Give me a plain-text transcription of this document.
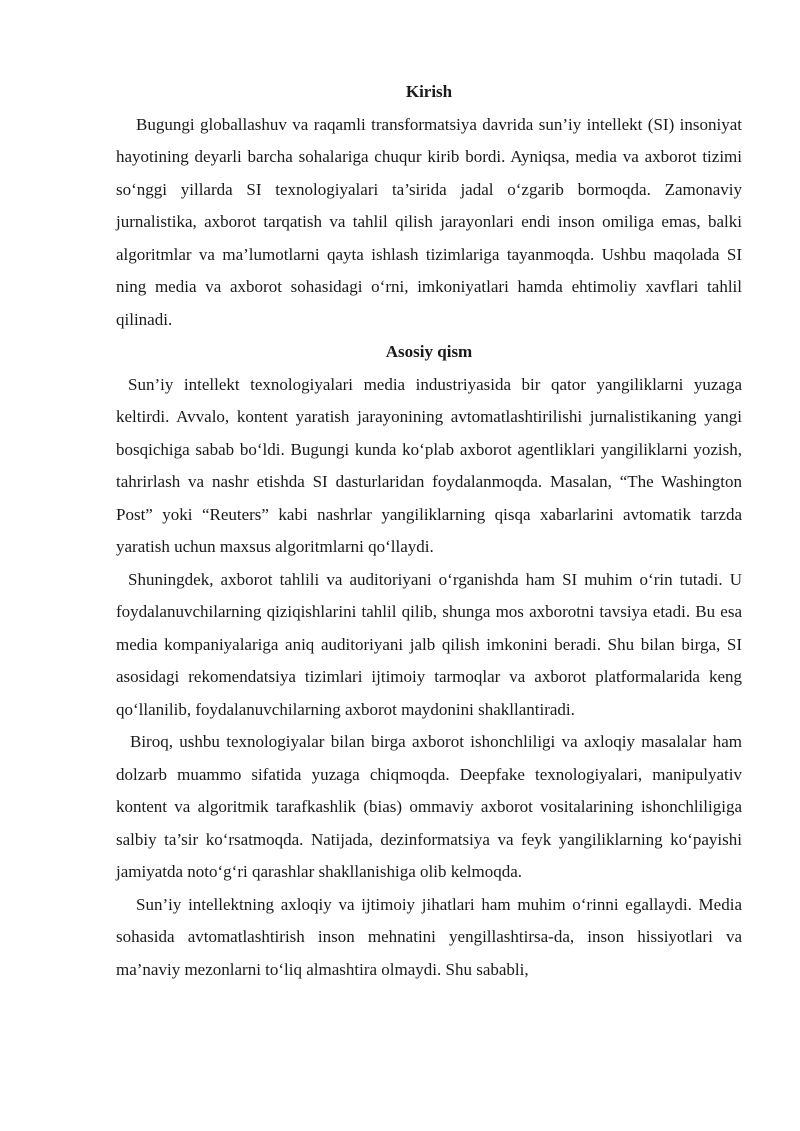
Kirish

Bugungi globallashuv va raqamli transformatsiya davrida sun’iy intellekt (SI) insoniyat hayotining deyarli barcha sohalariga chuqur kirib bordi. Ayniqsa, media va axborot tizimi so‘nggi yillarda SI texnologiyalari ta’sirida jadal o‘zgarib bormoqda. Zamonaviy jurnalistika, axborot tarqatish va tahlil qilish jarayonlari endi inson omiliga emas, balki algoritmlar va ma’lumotlarni qayta ishlash tizimlariga tayanmoqda. Ushbu maqolada SI ning media va axborot sohasidagi o‘rni, imkoniyatlari hamda ehtimoliy xavflari tahlil qilinadi.

Asosiy qism

Sun’iy intellekt texnologiyalari media industriyasida bir qator yangiliklarni yuzaga keltirdi. Avvalo, kontent yaratish jarayonining avtomatlashtirilishi jurnalistikaning yangi bosqichiga sabab bo‘ldi. Bugungi kunda ko‘plab axborot agentliklari yangiliklarni yozish, tahrirlash va nashr etishda SI dasturlaridan foydalanmoqda. Masalan, “The Washington Post” yoki “Reuters” kabi nashrlar yangiliklarning qisqa xabarlarini avtomatik tarzda yaratish uchun maxsus algoritmlarni qo‘llaydi.

Shuningdek, axborot tahlili va auditoriyani o‘rganishda ham SI muhim o‘rin tutadi. U foydalanuvchilarning qiziqishlarini tahlil qilib, shunga mos axborotni tavsiya etadi. Bu esa media kompaniyalariga aniq auditoriyani jalb qilish imkonini beradi. Shu bilan birga, SI asosidagi rekomendatsiya tizimlari ijtimoiy tarmoqlar va axborot platformalarida keng qo‘llanilib, foydalanuvchilarning axborot maydonini shakllantiradi.

Biroq, ushbu texnologiyalar bilan birga axborot ishonchliligi va axloqiy masalalar ham dolzarb muammo sifatida yuzaga chiqmoqda. Deepfake texnologiyalari, manipulyativ kontent va algoritmik tarafkashlik (bias) ommaviy axborot vositalarining ishonchliligiga salbiy ta’sir ko‘rsatmoqda. Natijada, dezinformatsiya va feyk yangiliklarning ko‘payishi jamiyatda noto‘g‘ri qarashlar shakllanishiga olib kelmoqda.

Sun’iy intellektning axloqiy va ijtimoiy jihatlari ham muhim o‘rinni egallaydi. Media sohasida avtomatlashtirish inson mehnatini yengillashtirsa-da, inson hissiyotlari va ma’naviy mezonlarni to‘liq almashtira olmaydi. Shu sababli,
